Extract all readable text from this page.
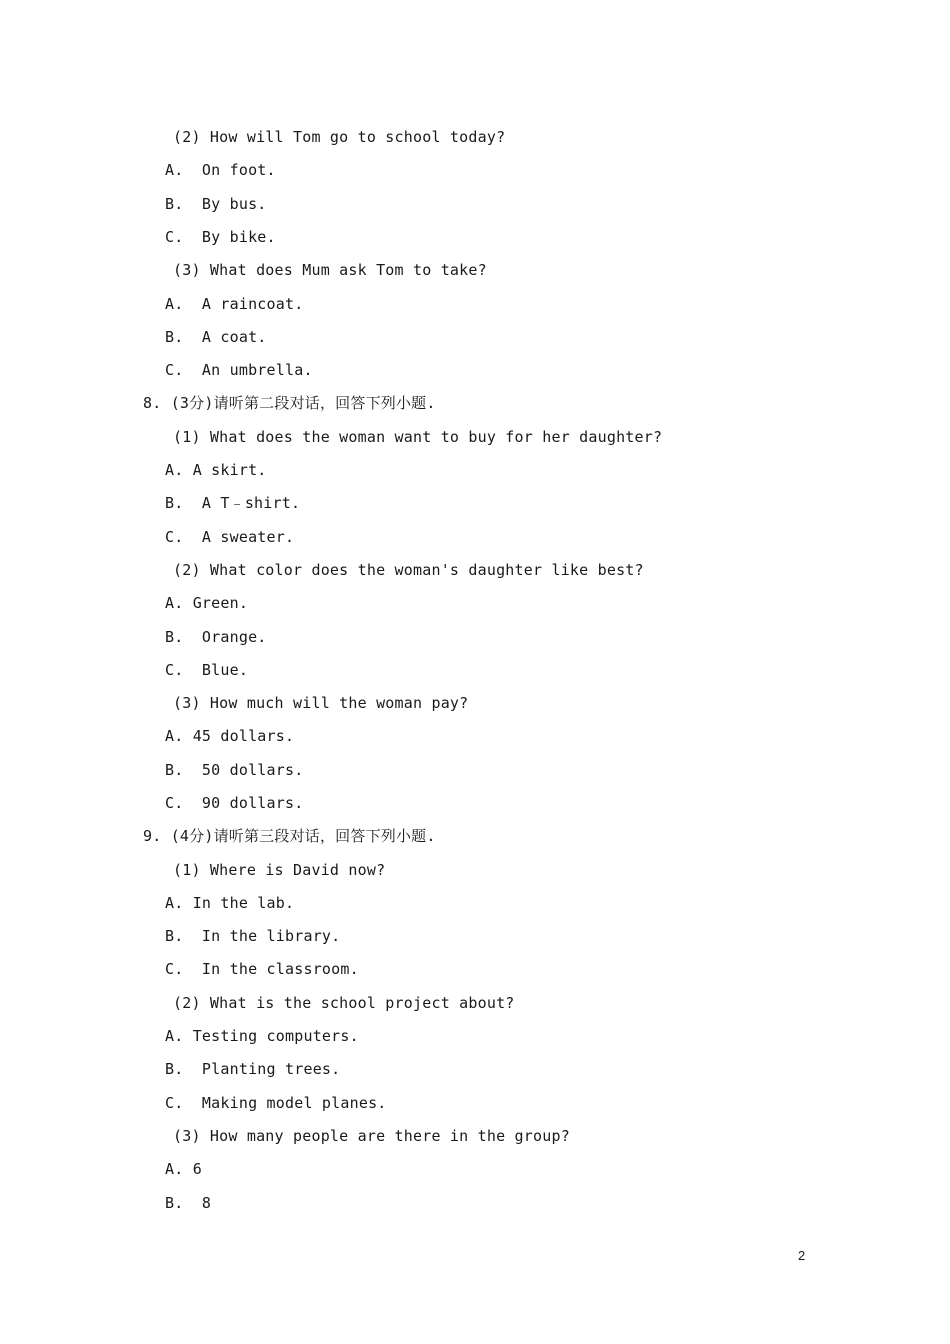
(2) How will Tom go to school today?
A.  On foot.
B.  By bus.
C.  By bike.
(3) What does Mum ask Tom to take?
A.  A raincoat.
B.  A coat.
C.  An umbrella.
8. (3分)请听第二段对话，回答下列小题.
(1) What does the woman want to buy for her daughter?
A. A skirt.
B.  A T﹣shirt.
C.  A sweater.
(2) What color does the woman's daughter like best?
A. Green.
B.  Orange.
C.  Blue.
(3) How much will the woman pay?
A. 45 dollars.
B.  50 dollars.
C.  90 dollars.
9. (4分)请听第三段对话，回答下列小题.
(1) Where is David now?
A. In the lab.
B.  In the library.
C.  In the classroom.
(2) What is the school project about?
A. Testing computers.
B.  Planting trees.
C.  Making model planes.
(3) How many people are there in the group?
A. 6
B.  8
2
